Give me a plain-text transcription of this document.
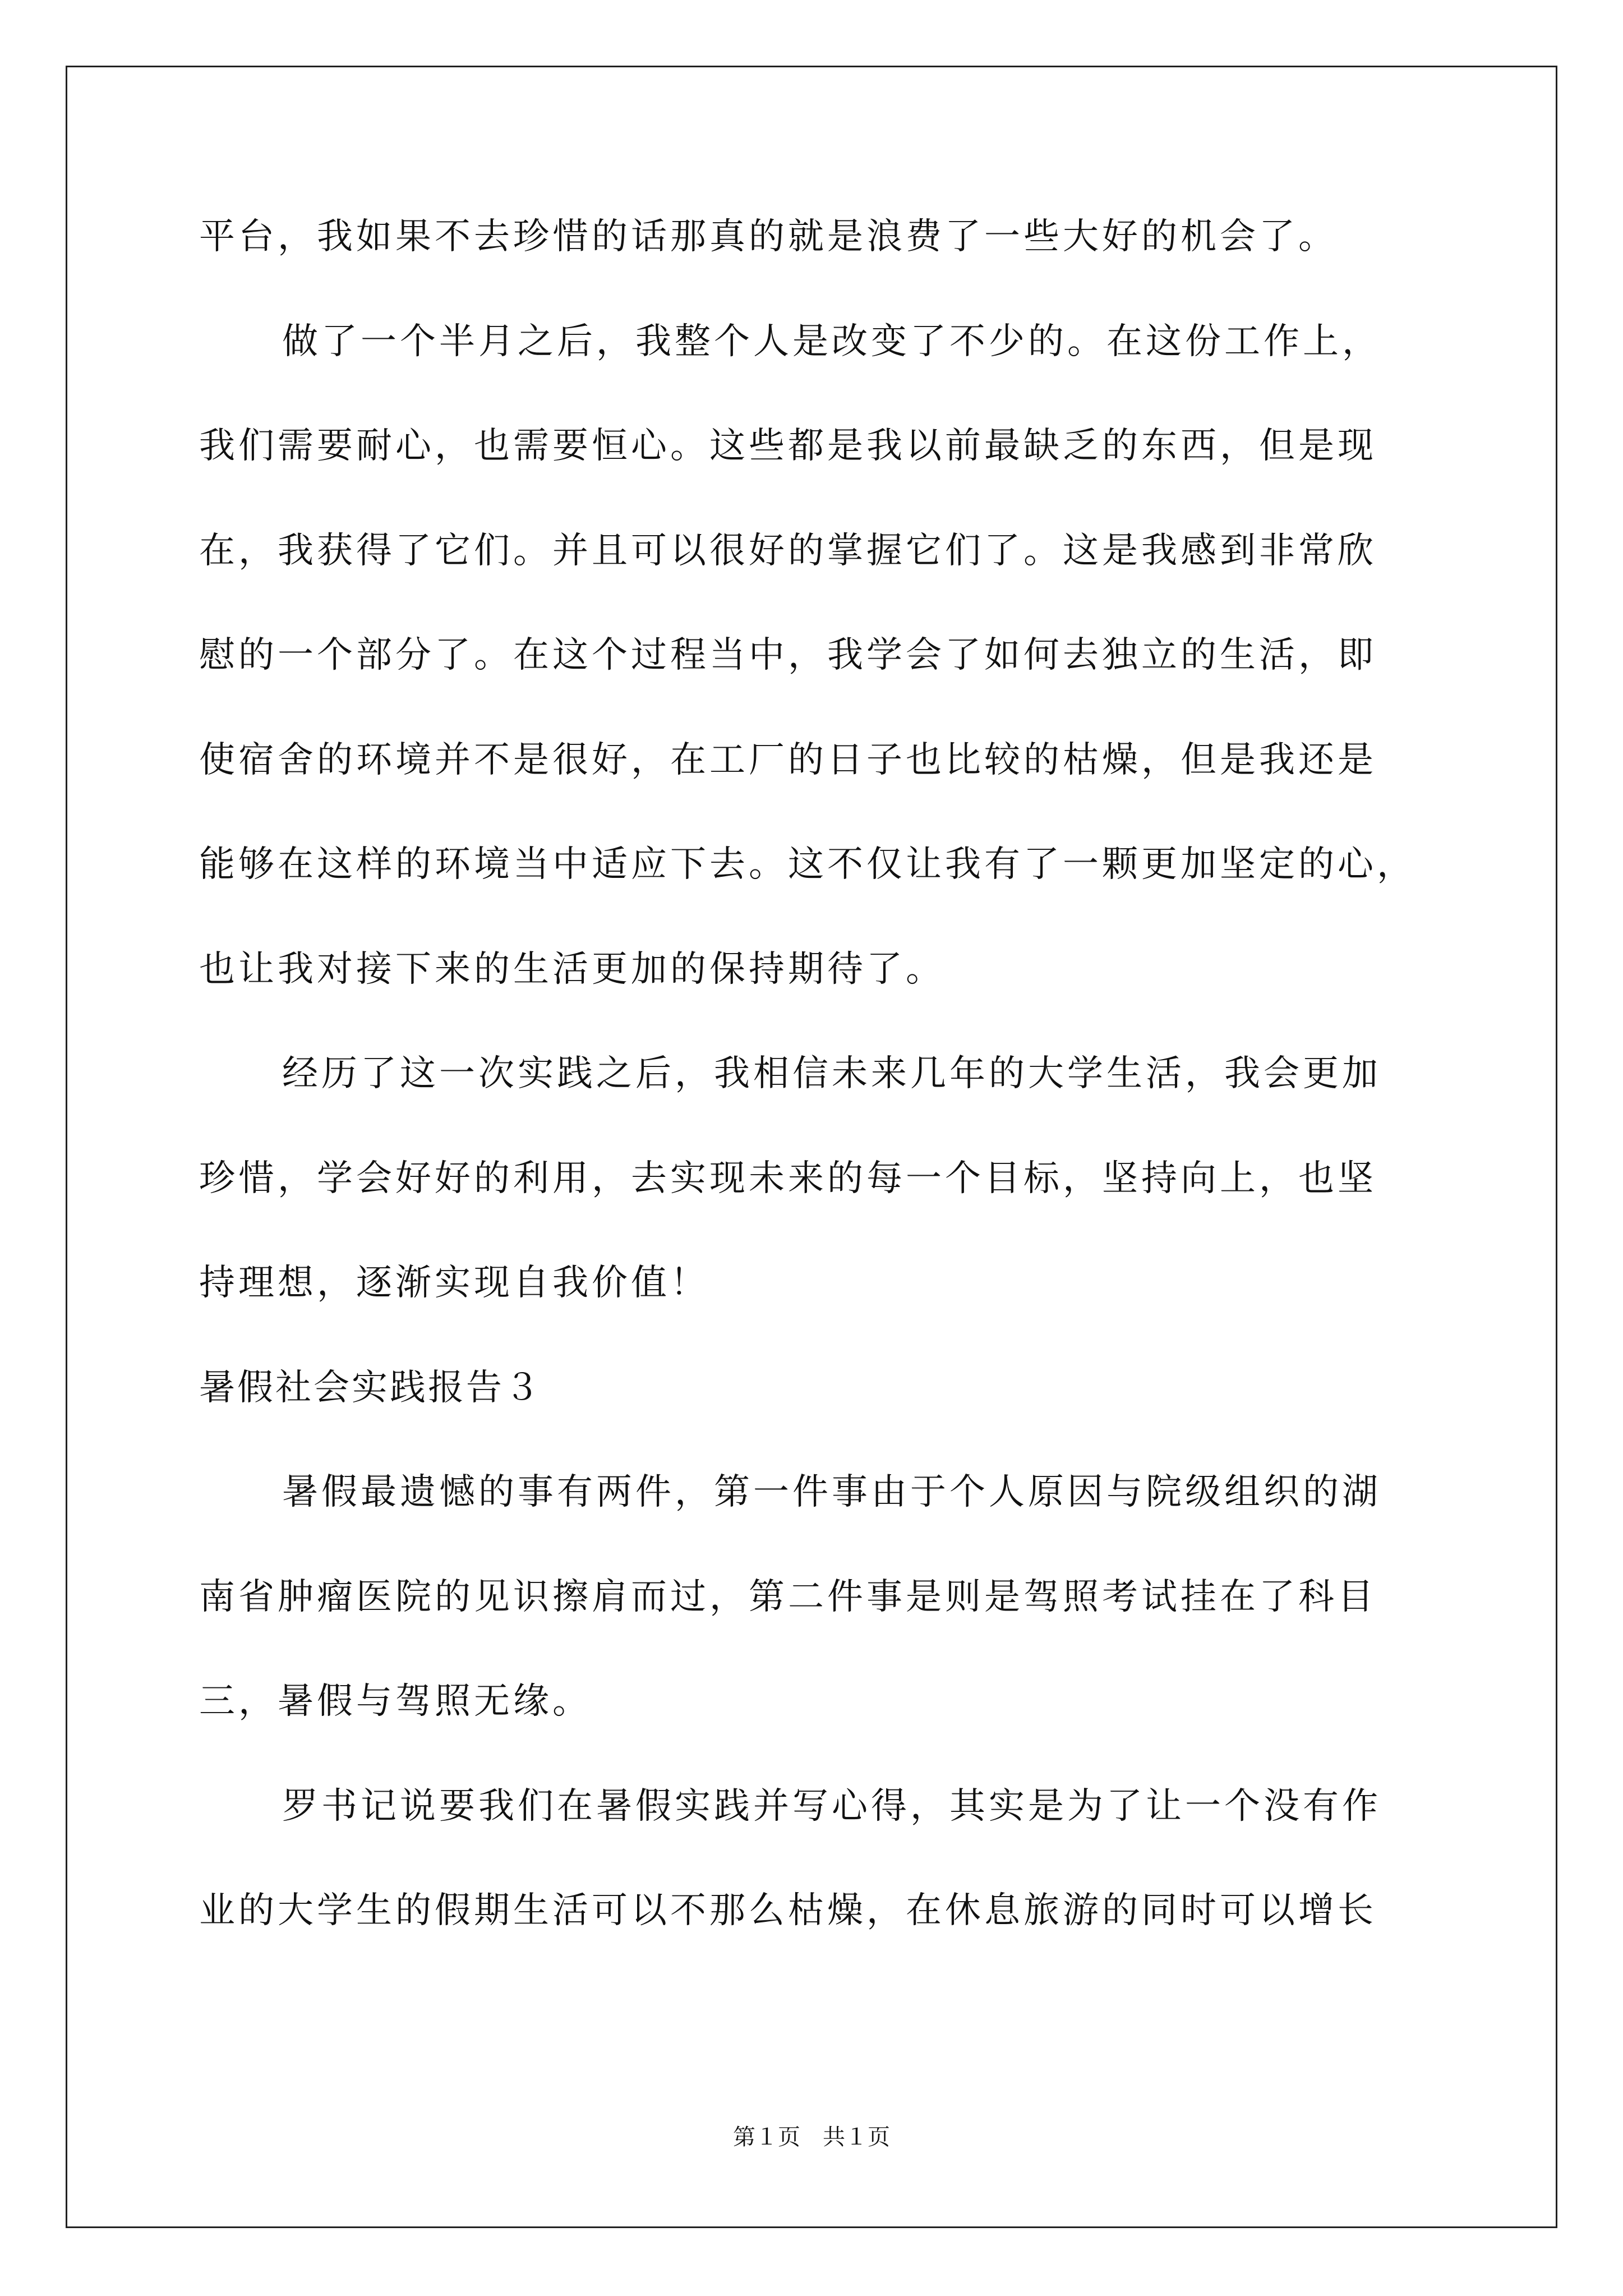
平台，我如果不去珍惜的话那真的就是浪费了一些大好的机会了。
做了一个半月之后，我整个人是改变了不少的。在这份工作上，
我们需要耐心，也需要恒心。这些都是我以前最缺乏的东西，但是现
在，我获得了它们。并且可以很好的掌握它们了。这是我感到非常欣
慰的一个部分了。在这个过程当中，我学会了如何去独立的生活，即
使宿舍的环境并不是很好，在工厂的日子也比较的枯燥，但是我还是
能够在这样的环境当中适应下去。这不仅让我有了一颗更加坚定的心，
也让我对接下来的生活更加的保持期待了。
经历了这一次实践之后，我相信未来几年的大学生活，我会更加
珍惜，学会好好的利用，去实现未来的每一个目标，坚持向上，也坚
持理想，逐渐实现自我价值！
暑假社会实践报告３
暑假最遗憾的事有两件，第一件事由于个人原因与院级组织的湖
南省肿瘤医院的见识擦肩而过，第二件事是则是驾照考试挂在了科目
三，暑假与驾照无缘。
罗书记说要我们在暑假实践并写心得，其实是为了让一个没有作
业的大学生的假期生活可以不那么枯燥，在休息旅游的同时可以增长
第１页　共１页
